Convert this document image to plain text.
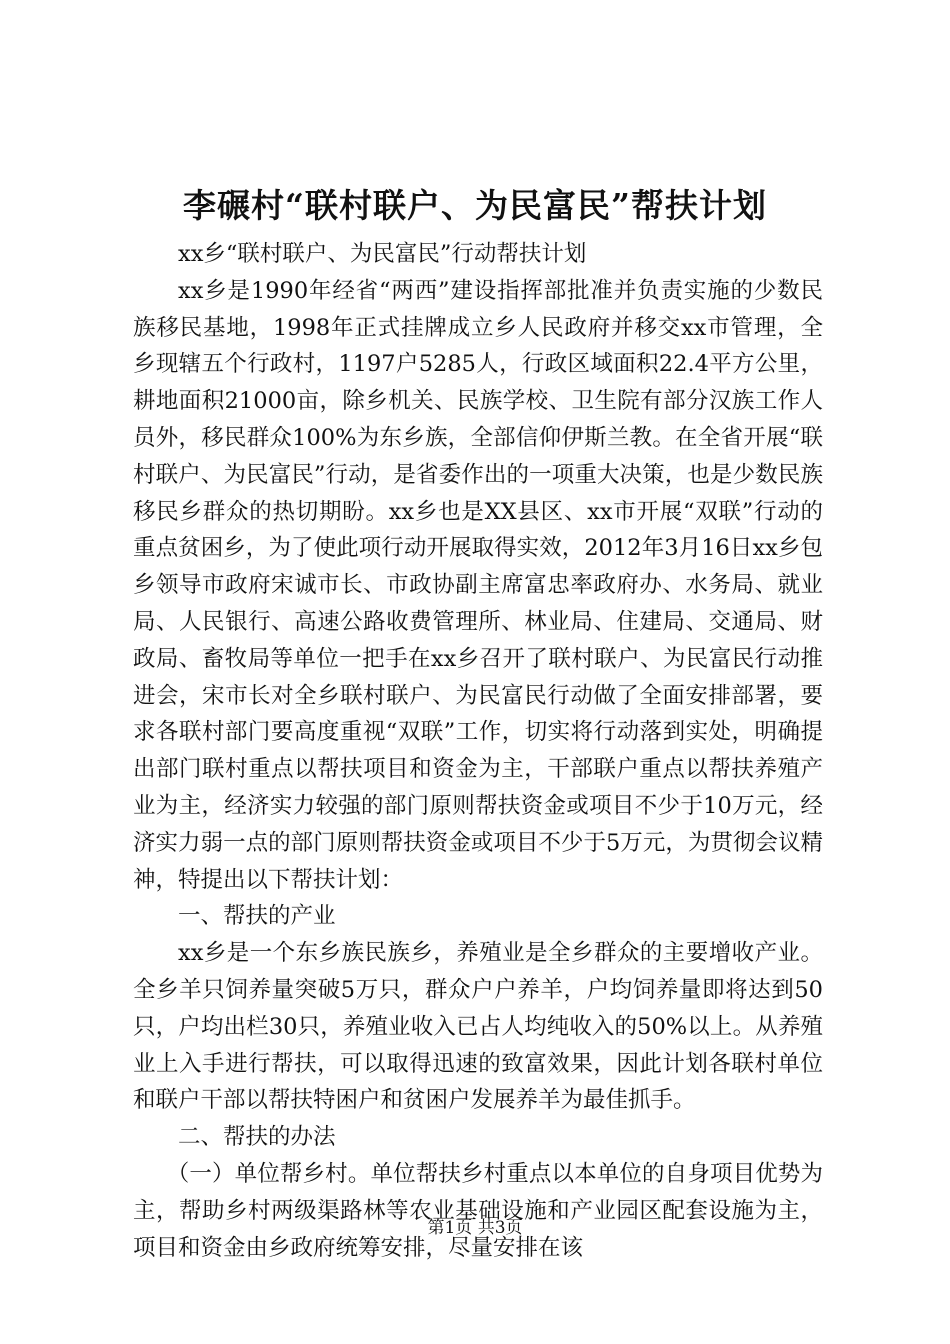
李碾村“联村联户、为民富民”帮扶计划

xx乡“联村联户、为民富民”行动帮扶计划

xx乡是1990年经省“两西”建设指挥部批准并负责实施的少数民族移民基地，1998年正式挂牌成立乡人民政府并移交xx市管理，全乡现辖五个行政村，1197户5285人，行政区域面积22.4平方公里，耕地面积21000亩，除乡机关、民族学校、卫生院有部分汉族工作人员外，移民群众100%为东乡族，全部信仰伊斯兰教。在全省开展“联村联户、为民富民”行动，是省委作出的一项重大决策，也是少数民族移民乡群众的热切期盼。xx乡也是XX县区、xx市开展“双联”行动的重点贫困乡，为了使此项行动开展取得实效，2012年3月16日xx乡包乡领导市政府宋诚市长、市政协副主席富忠率政府办、水务局、就业局、人民银行、高速公路收费管理所、林业局、住建局、交通局、财政局、畜牧局等单位一把手在xx乡召开了联村联户、为民富民行动推进会，宋市长对全乡联村联户、为民富民行动做了全面安排部署，要求各联村部门要高度重视“双联”工作，切实将行动落到实处，明确提出部门联村重点以帮扶项目和资金为主，干部联户重点以帮扶养殖产业为主，经济实力较强的部门原则帮扶资金或项目不少于10万元，经济实力弱一点的部门原则帮扶资金或项目不少于5万元，为贯彻会议精神，特提出以下帮扶计划：

一、帮扶的产业

xx乡是一个东乡族民族乡，养殖业是全乡群众的主要增收产业。全乡羊只饲养量突破5万只，群众户户养羊，户均饲养量即将达到50只，户均出栏30只，养殖业收入已占人均纯收入的50%以上。从养殖业上入手进行帮扶，可以取得迅速的致富效果，因此计划各联村单位和联户干部以帮扶特困户和贫困户发展养羊为最佳抓手。

二、帮扶的办法

（一）单位帮乡村。单位帮扶乡村重点以本单位的自身项目优势为主，帮助乡村两级渠路林等农业基础设施和产业园区配套设施为主，项目和资金由乡政府统筹安排，尽量安排在该

第1页 共3页
